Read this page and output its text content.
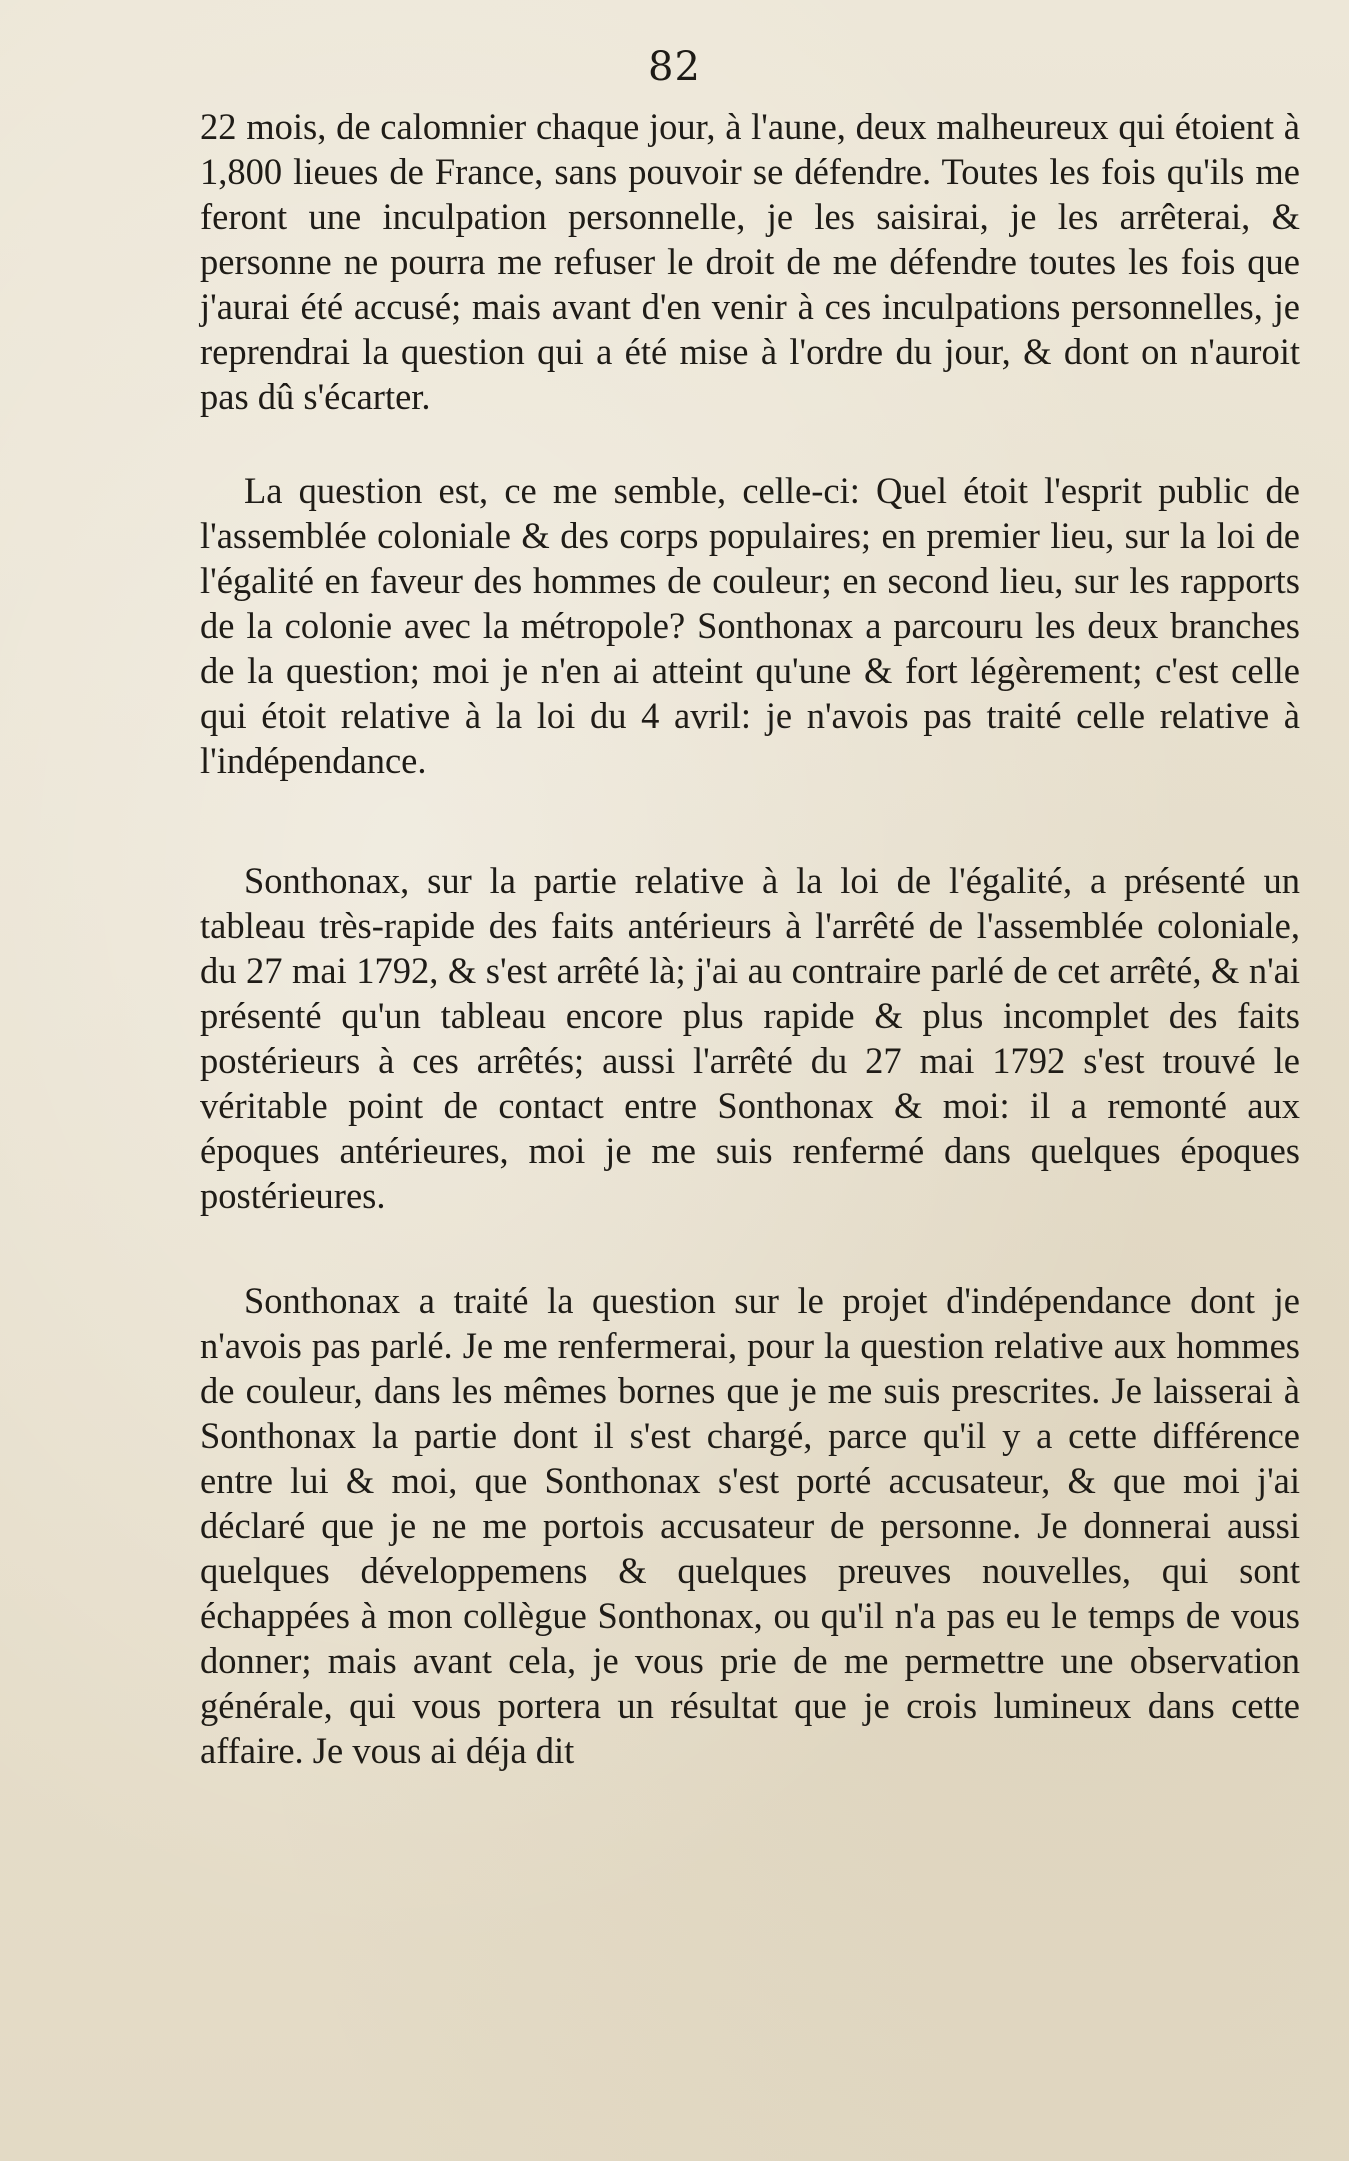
82

22 mois, de calomnier chaque jour, à l'aune, deux malheureux qui étoient à 1,800 lieues de France, sans pouvoir se défendre. Toutes les fois qu'ils me feront une inculpation personnelle, je les saisirai, je les arrêterai, & personne ne pourra me refuser le droit de me défendre toutes les fois que j'aurai été accusé; mais avant d'en venir à ces inculpations personnelles, je reprendrai la question qui a été mise à l'ordre du jour, & dont on n'auroit pas dû s'écarter.

La question est, ce me semble, celle-ci: Quel étoit l'esprit public de l'assemblée coloniale & des corps populaires; en premier lieu, sur la loi de l'égalité en faveur des hommes de couleur; en second lieu, sur les rapports de la colonie avec la métropole? Sonthonax a parcouru les deux branches de la question; moi je n'en ai atteint qu'une & fort légèrement; c'est celle qui étoit relative à la loi du 4 avril: je n'avois pas traité celle relative à l'indépendance.

Sonthonax, sur la partie relative à la loi de l'égalité, a présenté un tableau très-rapide des faits antérieurs à l'arrêté de l'assemblée coloniale, du 27 mai 1792, & s'est arrêté là; j'ai au contraire parlé de cet arrêté, & n'ai présenté qu'un tableau encore plus rapide & plus incomplet des faits postérieurs à ces arrêtés; aussi l'arrêté du 27 mai 1792 s'est trouvé le véritable point de contact entre Sonthonax & moi: il a remonté aux époques antérieures, moi je me suis renfermé dans quelques époques postérieures.

Sonthonax a traité la question sur le projet d'indépendance dont je n'avois pas parlé. Je me renfermerai, pour la question relative aux hommes de couleur, dans les mêmes bornes que je me suis prescrites. Je laisserai à Sonthonax la partie dont il s'est chargé, parce qu'il y a cette différence entre lui & moi, que Sonthonax s'est porté accusateur, & que moi j'ai déclaré que je ne me portois accusateur de personne. Je donnerai aussi quelques développemens & quelques preuves nouvelles, qui sont échappées à mon collègue Sonthonax, ou qu'il n'a pas eu le temps de vous donner; mais avant cela, je vous prie de me permettre une observation générale, qui vous portera un résultat que je crois lumineux dans cette affaire. Je vous ai déja dit
